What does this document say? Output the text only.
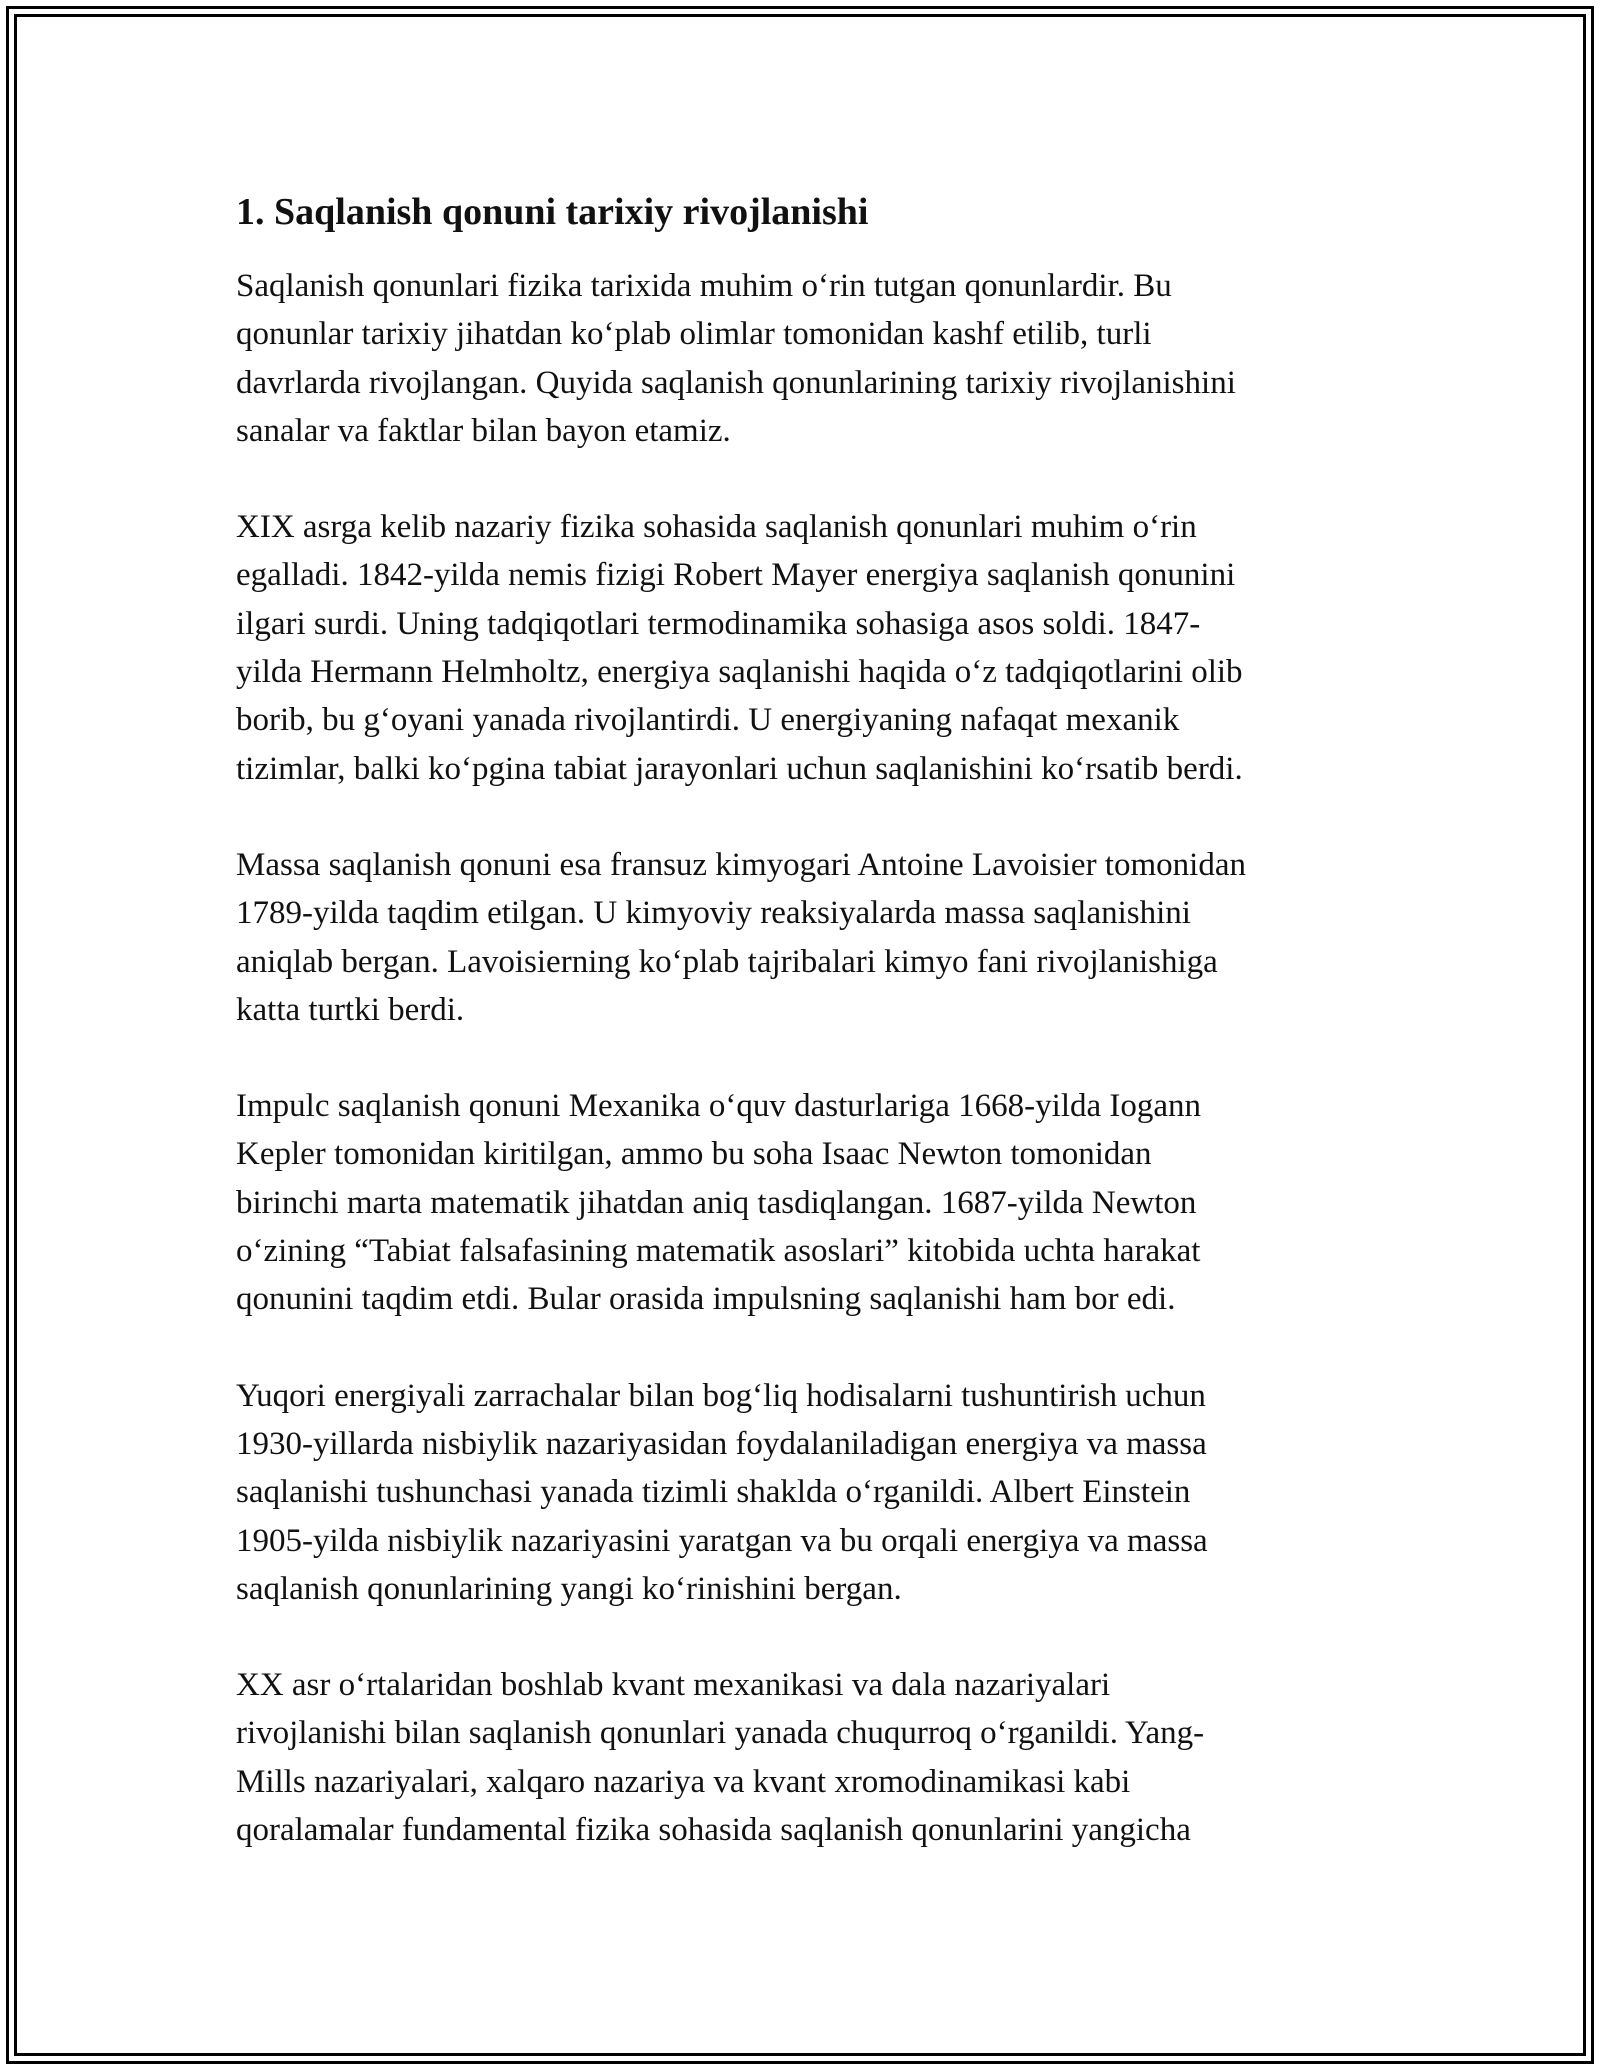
1. Saqlanish qonuni tarixiy rivojlanishi

Saqlanish qonunlari fizika tarixida muhim o‘rin tutgan qonunlardir. Bu
qonunlar tarixiy jihatdan ko‘plab olimlar tomonidan kashf etilib, turli
davrlarda rivojlangan. Quyida saqlanish qonunlarining tarixiy rivojlanishini
sanalar va faktlar bilan bayon etamiz.

XIX asrga kelib nazariy fizika sohasida saqlanish qonunlari muhim o‘rin
egalladi. 1842-yilda nemis fizigi Robert Mayer energiya saqlanish qonunini
ilgari surdi. Uning tadqiqotlari termodinamika sohasiga asos soldi. 1847-
yilda Hermann Helmholtz, energiya saqlanishi haqida o‘z tadqiqotlarini olib
borib, bu g‘oyani yanada rivojlantirdi. U energiyaning nafaqat mexanik
tizimlar, balki ko‘pgina tabiat jarayonlari uchun saqlanishini ko‘rsatib berdi.

Massa saqlanish qonuni esa fransuz kimyogari Antoine Lavoisier tomonidan
1789-yilda taqdim etilgan. U kimyoviy reaksiyalarda massa saqlanishini
aniqlab bergan. Lavoisierning ko‘plab tajribalari kimyo fani rivojlanishiga
katta turtki berdi.

Impulc saqlanish qonuni Mexanika o‘quv dasturlariga 1668-yilda Iogann
Kepler tomonidan kiritilgan, ammo bu soha Isaac Newton tomonidan
birinchi marta matematik jihatdan aniq tasdiqlangan. 1687-yilda Newton
o‘zining “Tabiat falsafasining matematik asoslari” kitobida uchta harakat
qonunini taqdim etdi. Bular orasida impulsning saqlanishi ham bor edi.

Yuqori energiyali zarrachalar bilan bog‘liq hodisalarni tushuntirish uchun
1930-yillarda nisbiylik nazariyasidan foydalaniladigan energiya va massa
saqlanishi tushunchasi yanada tizimli shaklda o‘rganildi. Albert Einstein
1905-yilda nisbiylik nazariyasini yaratgan va bu orqali energiya va massa
saqlanish qonunlarining yangi ko‘rinishini bergan.

XX asr o‘rtalaridan boshlab kvant mexanikasi va dala nazariyalari
rivojlanishi bilan saqlanish qonunlari yanada chuqurroq o‘rganildi. Yang-
Mills nazariyalari, xalqaro nazariya va kvant xromodinamikasi kabi
qoralamalar fundamental fizika sohasida saqlanish qonunlarini yangicha
